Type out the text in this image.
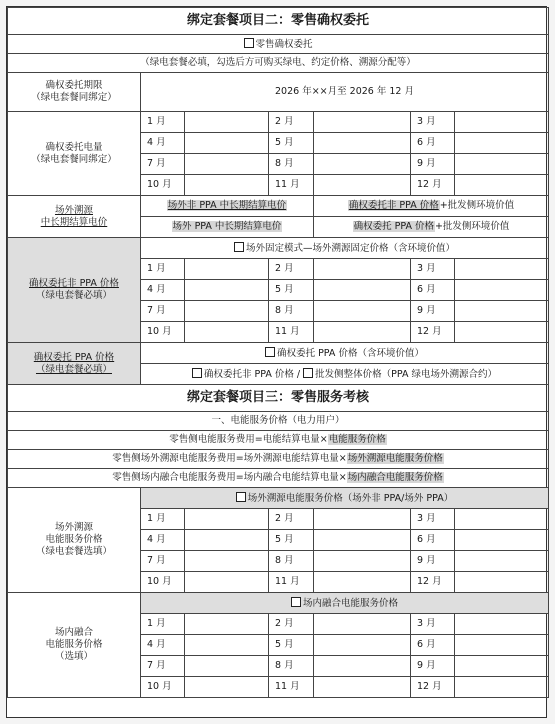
绑定套餐项目二：零售确权委托						
零售确权委托						
（绿电套餐必填，勾选后方可购买绿电、约定价格、溯源分配等）						

确权委托期限
（绿电套餐同绑定）	2026 年××月至 2026 年 12 月					

确权委托电量
（绿电套餐同绑定）	1 月		2 月		3 月	
	4 月		5 月		6 月	
	7 月		8 月		9 月	
	10 月		11 月		12 月	

场外溯源
中长期结算电价	场外非 PPA 中长期结算电价			确权委托非 PPA 价格+批发侧环境价值		
	场外 PPA 中长期结算电价			确权委托 PPA 价格+批发侧环境价值		

确权委托非 PPA 价格
（绿电套餐必填）	场外固定模式—场外溯源固定价格（含环境价值）					
	1 月		2 月		3 月	
	4 月		5 月		6 月	
	7 月		8 月		9 月	
	10 月		11 月		12 月	

确权委托 PPA 价格
（绿电套餐必填）	确权委托 PPA 价格（含环境价值）					
	确权委托非 PPA 价格 / 批发侧整体价格（PPA 绿电场外溯源合约）					
绑定套餐项目三：零售服务考核						
一、电能服务价格（电力用户）						
零售侧电能服务费用=电能结算电量×电能服务价格						
零售侧场外溯源电能服务费用=场外溯源电能结算电量×场外溯源电能服务价格						
零售侧场内融合电能服务费用=场内融合电能结算电量×场内融合电能服务价格						

场外溯源
电能服务价格
（绿电套餐选填）	场外溯源电能服务价格（场外非 PPA/场外 PPA）					
	1 月		2 月		3 月	
	4 月		5 月		6 月	
	7 月		8 月		9 月	
	10 月		11 月		12 月	

场内融合
电能服务价格
（选填）	场内融合电能服务价格					
	1 月		2 月		3 月	
	4 月		5 月		6 月	
	7 月		8 月		9 月	
	10 月		11 月		12 月	
